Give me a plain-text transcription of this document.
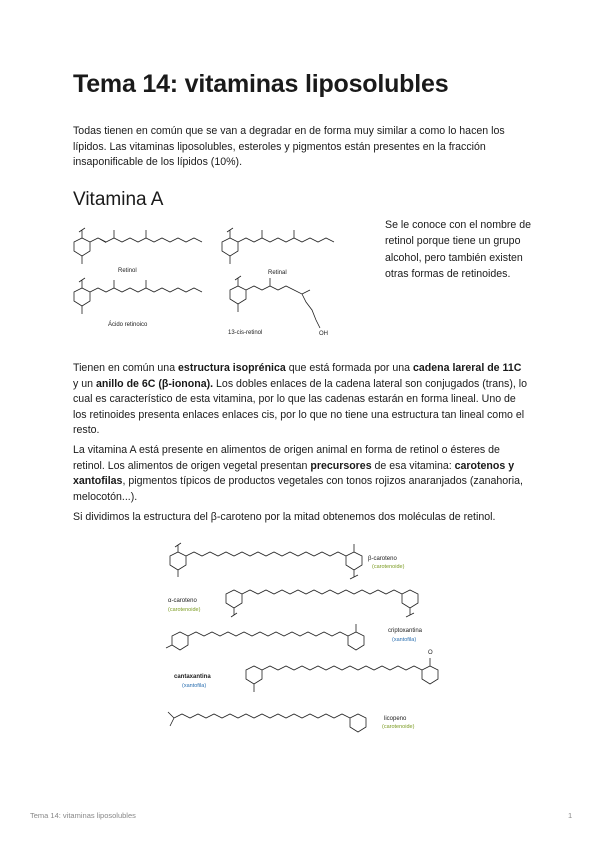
Tema 14: vitaminas liposolubles

Todas tienen en común que se van a degradar en de forma muy similar a como lo hacen los lípidos. Las vitaminas liposolubles, esteroles y pigmentos están presentes en la fracción insaponificable de los lípidos (10%).

Vitamina A
Retinol	Retinal
Ácido retinoico
13-cis-retinol	OH

Se le conoce con el nombre de retinol porque tiene un grupo alcohol, pero también existen otras formas de retinoides.

Tienen en común una estructura isoprénica que está formada por una cadena lareral de 11C y un anillo de 6C (β-ionona). Los dobles enlaces de la cadena lateral son conjugados (trans), lo cual es característico de esta vitamina, por lo que las cadenas estarán en forma lineal. Uno de los retinoides presenta enlaces enlaces cis, por lo que no tiene una estructura tan lineal como el resto.

La vitamina A está presente en alimentos de origen animal en forma de retinol o ésteres de retinol. Los alimentos de origen vegetal presentan precursores de esa vitamina: carotenos y xantofilas, pigmentos típicos de productos vegetales con tonos rojizos anaranjados (zanahoria, melocotón...).

Si dividimos la estructura del β-caroteno por la mitad obtenemos dos moléculas de retinol.

β-caroteno
(carotenoide)
α-caroteno
(carotenoide)
criptoxantina
(xantofila)
cantaxantina
(xantofila)
O
licopeno
(carotenoide)
Tema 14: vitaminas liposolubles	1
